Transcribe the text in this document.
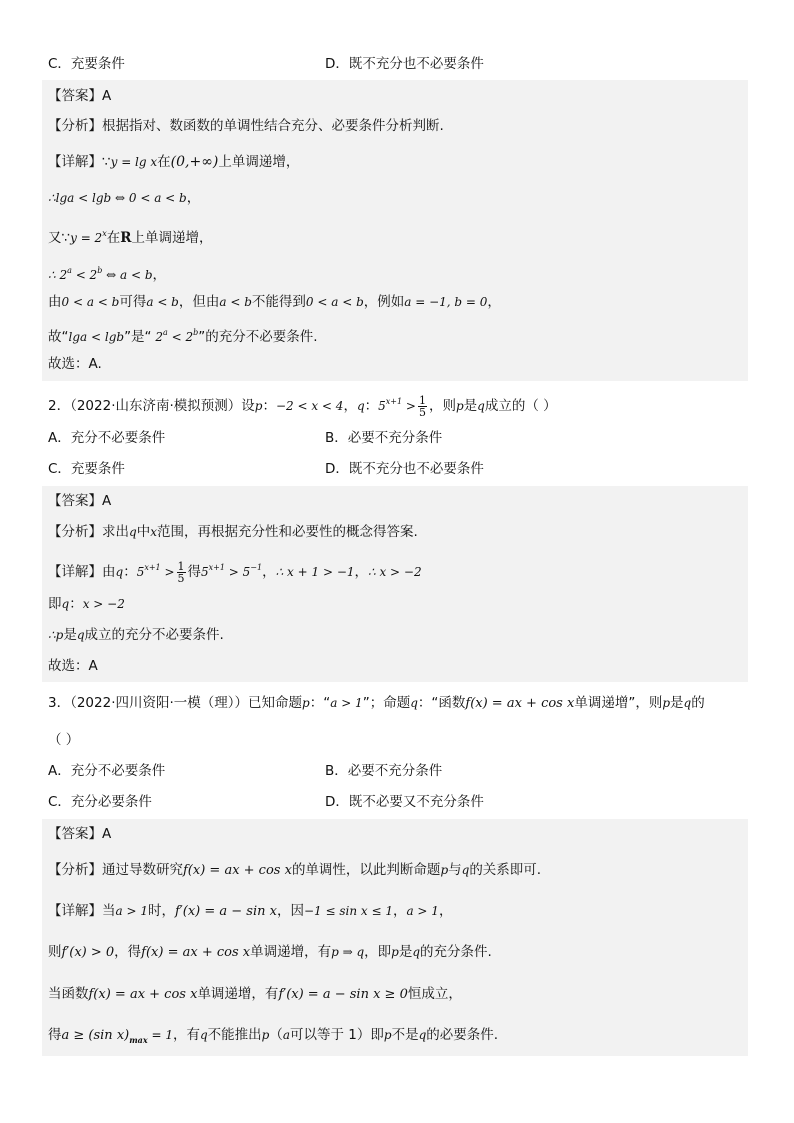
C．充要条件	D．既不充分也不必要条件
【答案】A
【分析】根据指对、数函数的单调性结合充分、必要条件分析判断.
【详解】∵y = lg x在(0,+∞)上单调递增，
∴lga < lgb ⇔ 0 < a < b，
又∵y = $2^x$在R上单调递增，
∴ $2^a < 2^b$ ⇔ a < b，
由0 < a < b可得a < b，但由a < b不能得到0 < a < b，例如a = −1, b = 0，
故“lga < lgb”是“ $2^a < 2^b$”的充分不必要条件.
故选：A.
2．（2022·山东济南·模拟预测）设p：−2 < x < 4，q：$5^{x+1} > \frac{1}{5}$ ，则p是q成立的（ ）
A．充分不必要条件	B．必要不充分条件
C．充要条件	D．既不充分也不必要条件
【答案】A
【分析】求出q中x范围，再根据充分性和必要性的概念得答案.
【详解】由q：$5^{x+1} > \frac{1}{5}$ 得$5^{x+1} > 5^{-1}$，∴ x + 1 > −1，∴ x > −2
即q：x > −2
∴p是q成立的充分不必要条件.
故选：A
3．（2022·四川资阳·一模（理））已知命题p：“a > 1”；命题q：“函数f(x) = ax + cos x单调递增”，则p是q的
（ ）
A．充分不必要条件	B．必要不充分条件
C．充分必要条件	D．既不必要又不充分条件
【答案】A
【分析】通过导数研究f(x) = ax + cos x的单调性，以此判断命题p与q的关系即可.
【详解】当a > 1时，f′(x) = a − sin x，因−1 ≤ sin x ≤ 1，a > 1，
则f′(x) > 0，得f(x) = ax + cos x单调递增，有p ⇒ q，即p是q的充分条件.
当函数f(x) = ax + cos x单调递增，有f′(x) = a − sin x ≥ 0恒成立，
得a ≥ (sin $x)_{max} = 1$，有q不能推出p（a可以等于 1）即p不是q的必要条件.
